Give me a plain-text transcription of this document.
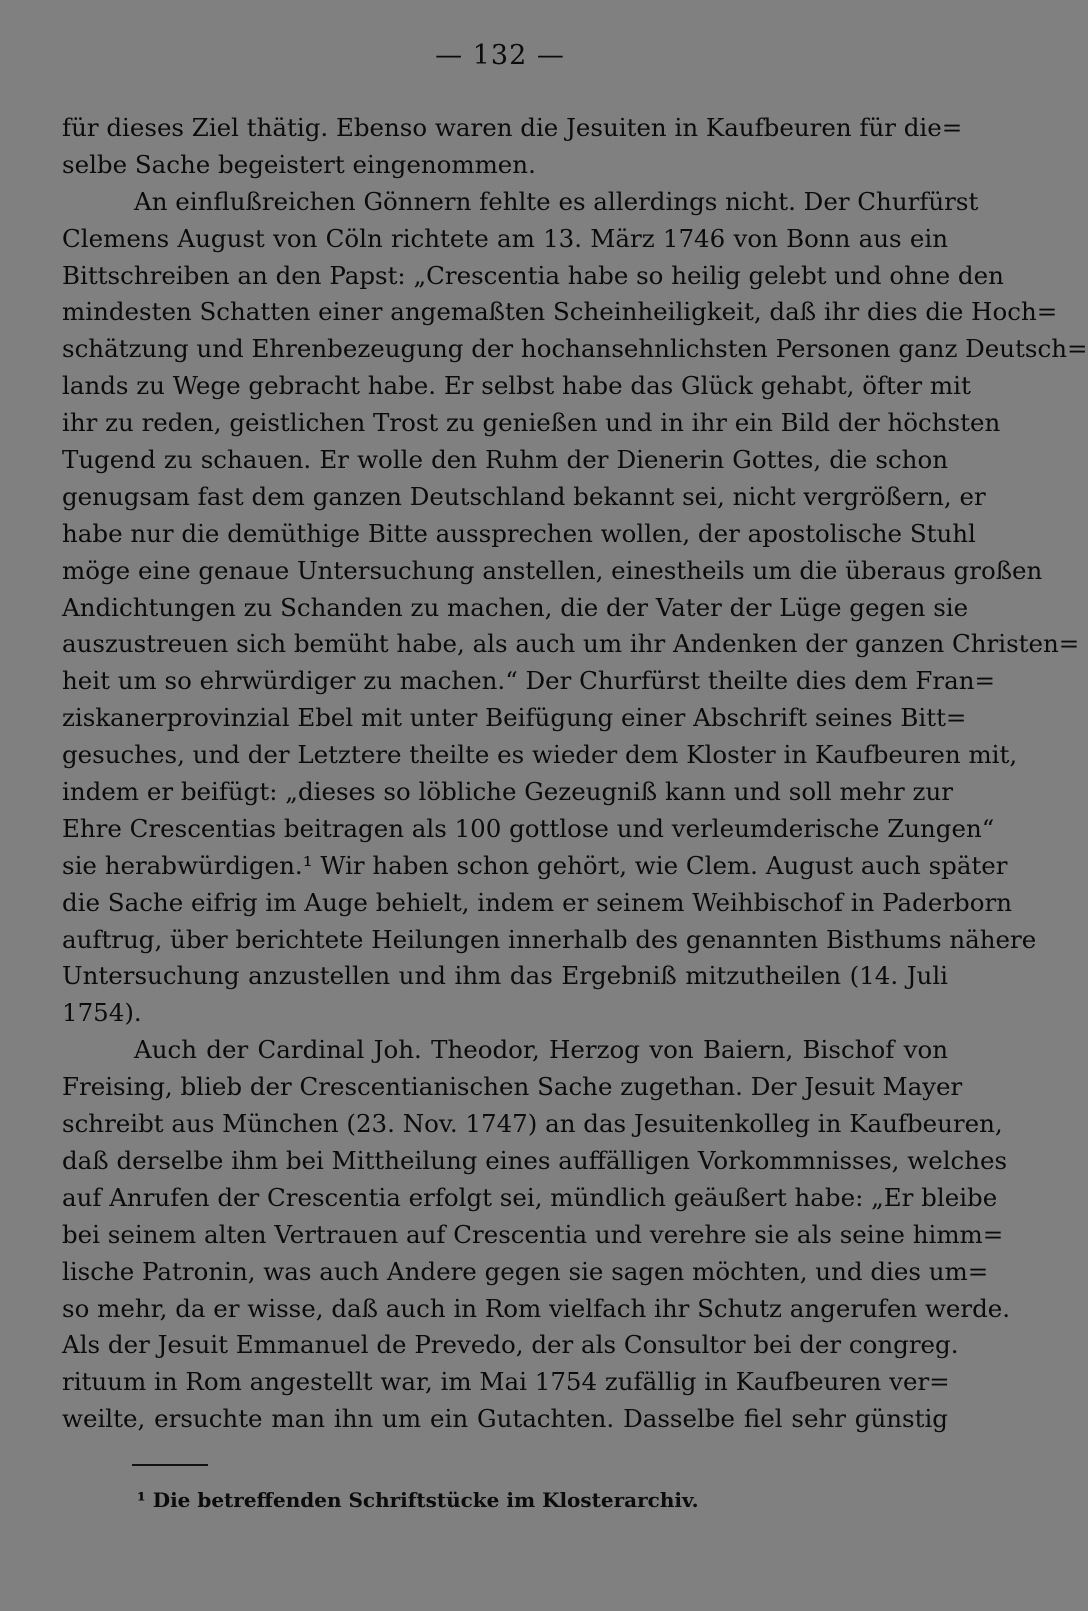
— 132 —
für dieses Ziel thätig. Ebenso waren die Jesuiten in Kaufbeuren für die=
selbe Sache begeistert eingenommen.
An einflußreichen Gönnern fehlte es allerdings nicht. Der Churfürst
Clemens August von Cöln richtete am 13. März 1746 von Bonn aus ein
Bittschreiben an den Papst: „Crescentia habe so heilig gelebt und ohne den
mindesten Schatten einer angemaßten Scheinheiligkeit, daß ihr dies die Hoch=
schätzung und Ehrenbezeugung der hochansehnlichsten Personen ganz Deutsch=
lands zu Wege gebracht habe. Er selbst habe das Glück gehabt, öfter mit
ihr zu reden, geistlichen Trost zu genießen und in ihr ein Bild der höchsten
Tugend zu schauen. Er wolle den Ruhm der Dienerin Gottes, die schon
genugsam fast dem ganzen Deutschland bekannt sei, nicht vergrößern, er
habe nur die demüthige Bitte aussprechen wollen, der apostolische Stuhl
möge eine genaue Untersuchung anstellen, einestheils um die überaus großen
Andichtungen zu Schanden zu machen, die der Vater der Lüge gegen sie
auszustreuen sich bemüht habe, als auch um ihr Andenken der ganzen Christen=
heit um so ehrwürdiger zu machen.“ Der Churfürst theilte dies dem Fran=
ziskanerprovinzial Ebel mit unter Beifügung einer Abschrift seines Bitt=
gesuches, und der Letztere theilte es wieder dem Kloster in Kaufbeuren mit,
indem er beifügt: „dieses so löbliche Gezeugniß kann und soll mehr zur
Ehre Crescentias beitragen als 100 gottlose und verleumderische Zungen“
sie herabwürdigen.¹ Wir haben schon gehört, wie Clem. August auch später
die Sache eifrig im Auge behielt, indem er seinem Weihbischof in Paderborn
auftrug, über berichtete Heilungen innerhalb des genannten Bisthums nähere
Untersuchung anzustellen und ihm das Ergebniß mitzutheilen (14. Juli
1754).
Auch der Cardinal Joh. Theodor, Herzog von Baiern, Bischof von
Freising, blieb der Crescentianischen Sache zugethan. Der Jesuit Mayer
schreibt aus München (23. Nov. 1747) an das Jesuitenkolleg in Kaufbeuren,
daß derselbe ihm bei Mittheilung eines auffälligen Vorkommnisses, welches
auf Anrufen der Crescentia erfolgt sei, mündlich geäußert habe: „Er bleibe
bei seinem alten Vertrauen auf Crescentia und verehre sie als seine himm=
lische Patronin, was auch Andere gegen sie sagen möchten, und dies um=
so mehr, da er wisse, daß auch in Rom vielfach ihr Schutz angerufen werde.
Als der Jesuit Emmanuel de Prevedo, der als Consultor bei der congreg.
rituum in Rom angestellt war, im Mai 1754 zufällig in Kaufbeuren ver=
weilte, ersuchte man ihn um ein Gutachten. Dasselbe fiel sehr günstig
¹ Die betreffenden Schriftstücke im Klosterarchiv.
